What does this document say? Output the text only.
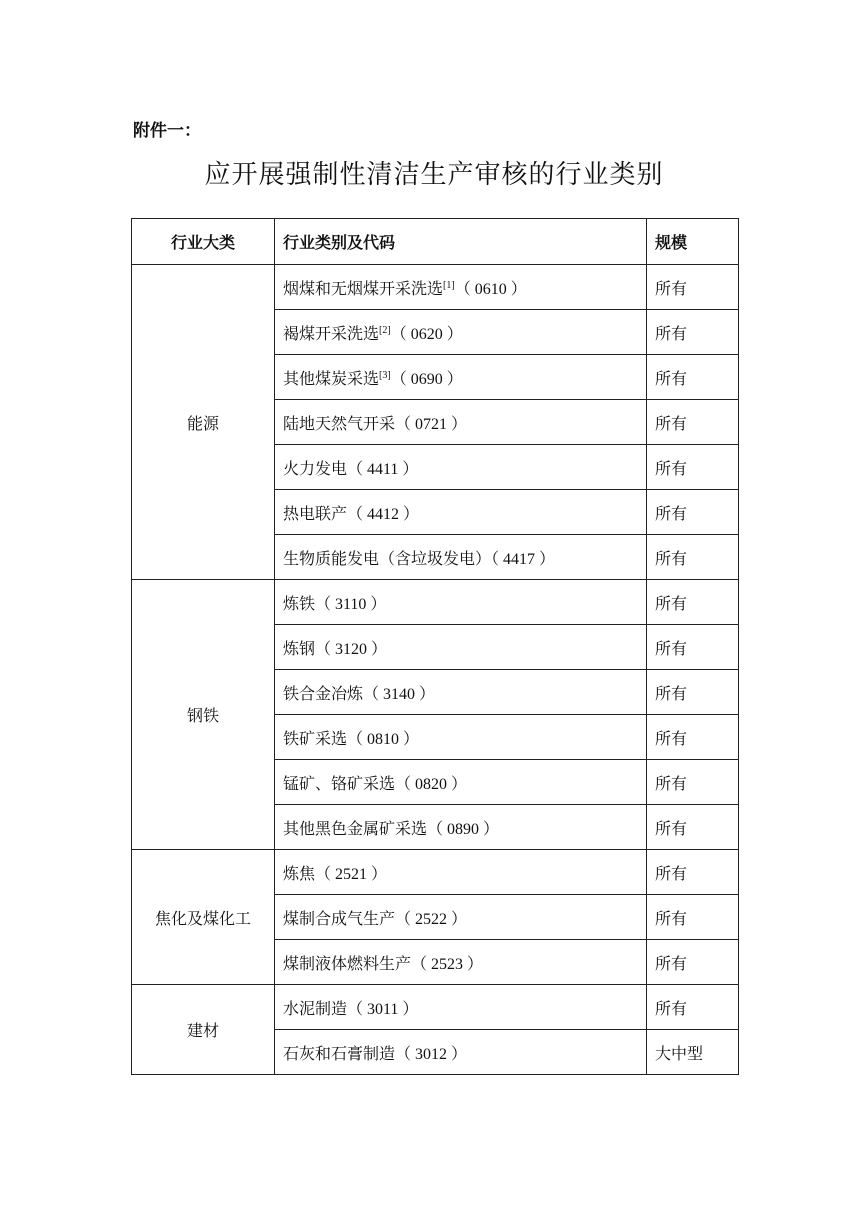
附件一：
应开展强制性清洁生产审核的行业类别
行业大类	行业类别及代码	规模
能源	烟煤和无烟煤开采洗选[1]（ 0610 ）	所有
	褐煤开采洗选[2]（ 0620 ）	所有
	其他煤炭采选[3]（ 0690 ）	所有
	陆地天然气开采（ 0721 ）	所有
	火力发电（ 4411 ）	所有
	热电联产（ 4412 ）	所有
	生物质能发电（含垃圾发电）（ 4417 ）	所有
钢铁	炼铁（ 3110 ）	所有
	炼钢（ 3120 ）	所有
	铁合金冶炼（ 3140 ）	所有
	铁矿采选（ 0810 ）	所有
	锰矿、铬矿采选（ 0820 ）	所有
	其他黑色金属矿采选（ 0890 ）	所有
焦化及煤化工	炼焦（ 2521 ）	所有
	煤制合成气生产（ 2522 ）	所有
	煤制液体燃料生产（ 2523 ）	所有
建材	水泥制造（ 3011 ）	所有
	石灰和石膏制造（ 3012 ）	大中型
